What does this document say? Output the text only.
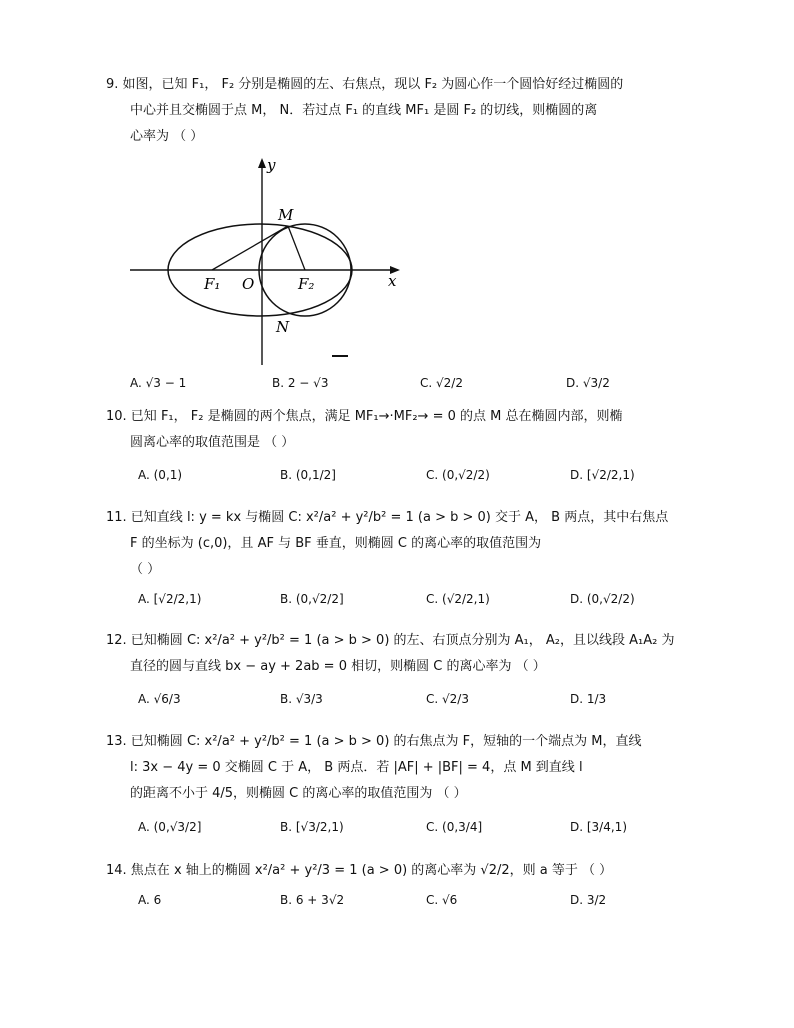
9. 如图，已知 F₁， F₂ 分别是椭圆的左、右焦点，现以 F₂ 为圆心作一个圆恰好经过椭圆的
中心并且交椭圆于点 M， N．若过点 F₁ 的直线 MF₁ 是圆 F₂ 的切线，则椭圆的离
心率为 （ ）
y
x
M
N
O
F₁	F₂
A. √3 − 1	B. 2 − √3	C. √2/2	D. √3/2
10. 已知 F₁， F₂ 是椭圆的两个焦点，满足 MF₁→·MF₂→ = 0 的点 M 总在椭圆内部，则椭
圆离心率的取值范围是 （ ）
A. (0,1)	B. (0,1/2]	C. (0,√2/2)	D. [√2/2,1)
11. 已知直线 l: y = kx 与椭圆 C: x²/a² + y²/b² = 1 (a > b > 0) 交于 A， B 两点，其中右焦点
F 的坐标为 (c,0)，且 AF 与 BF 垂直，则椭圆 C 的离心率的取值范围为
（ ）
A. [√2/2,1)	B. (0,√2/2]	C. (√2/2,1)	D. (0,√2/2)
12. 已知椭圆 C: x²/a² + y²/b² = 1 (a > b > 0) 的左、右顶点分别为 A₁， A₂，且以线段 A₁A₂ 为
直径的圆与直线 bx − ay + 2ab = 0 相切，则椭圆 C 的离心率为 （ ）
A. √6/3	B. √3/3	C. √2/3	D. 1/3
13. 已知椭圆 C: x²/a² + y²/b² = 1 (a > b > 0) 的右焦点为 F，短轴的一个端点为 M，直线
l: 3x − 4y = 0 交椭圆 C 于 A， B 两点．若 |AF| + |BF| = 4，点 M 到直线 l
的距离不小于 4/5，则椭圆 C 的离心率的取值范围为 （ ）
A. (0,√3/2]	B. [√3/2,1)	C. (0,3/4]	D. [3/4,1)
14. 焦点在 x 轴上的椭圆 x²/a² + y²/3 = 1 (a > 0) 的离心率为 √2/2，则 a 等于 （ ）
A. 6	B. 6 + 3√2	C. √6	D. 3/2
